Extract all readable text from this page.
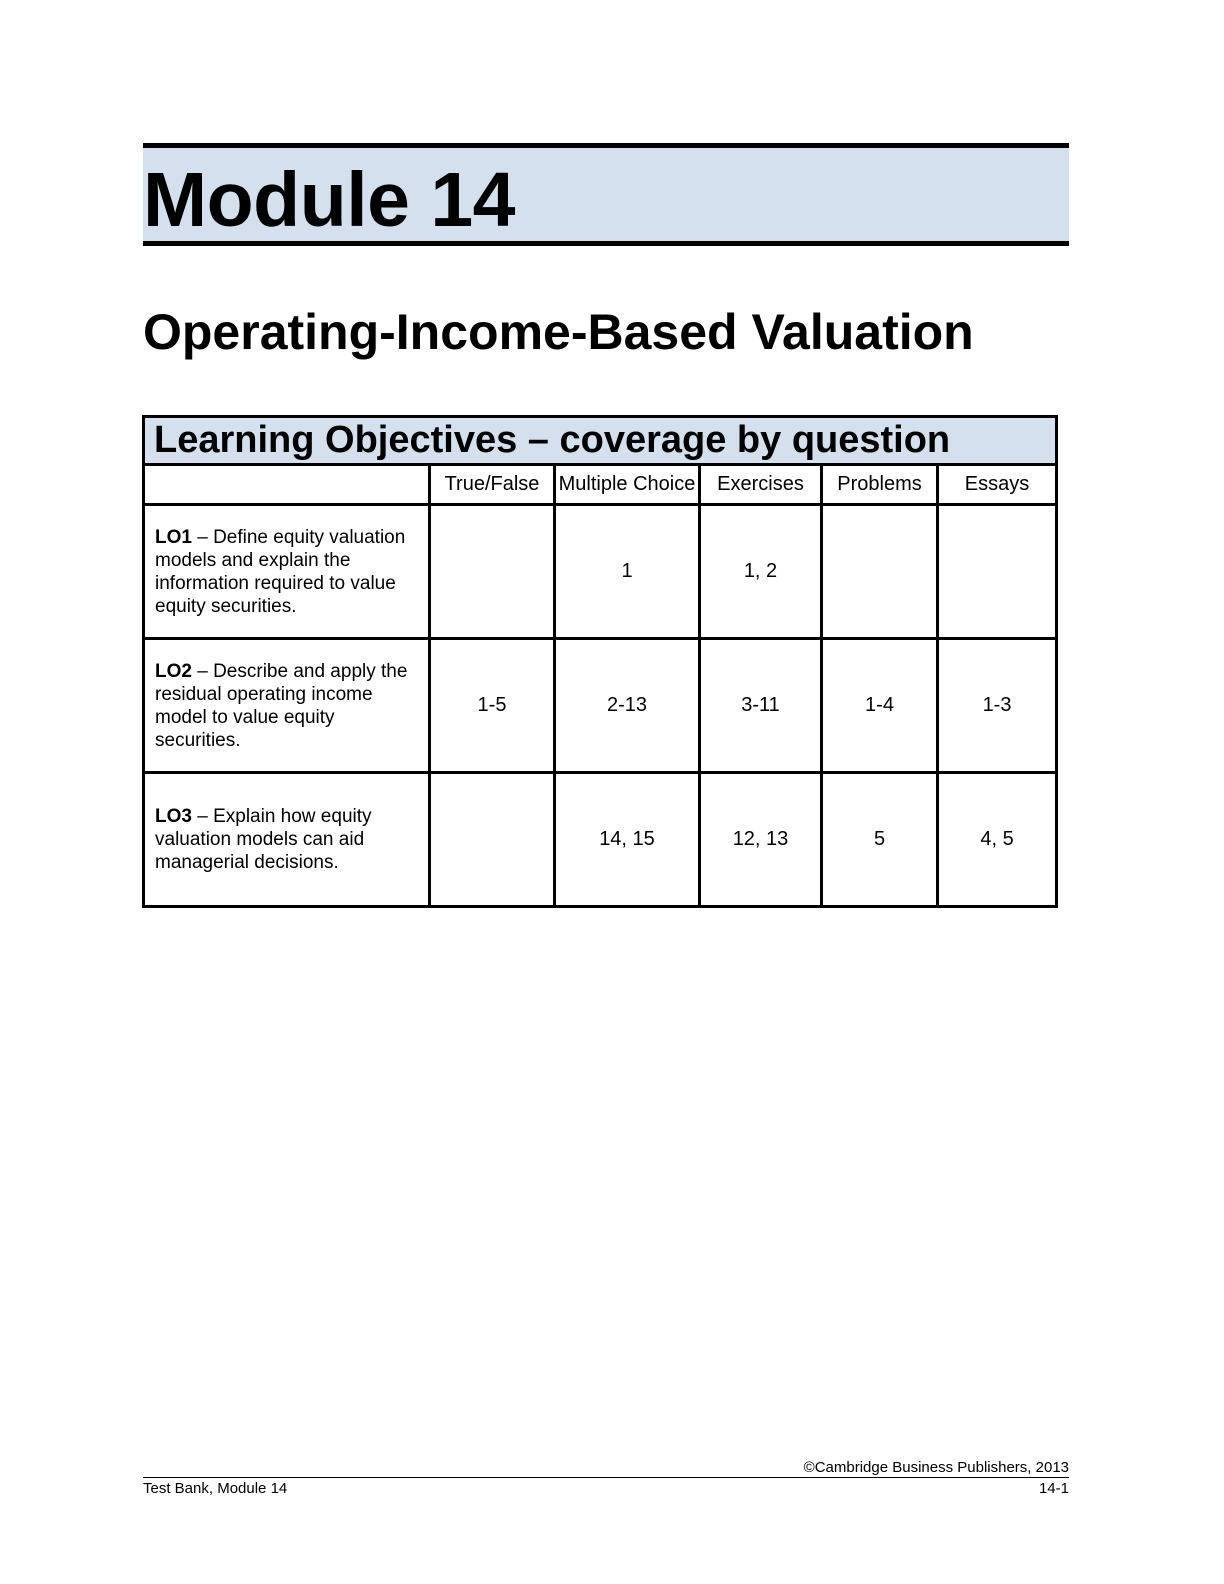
Module 14
Operating-Income-Based Valuation
Learning Objectives – coverage by question					
	True/False	Multiple Choice	Exercises	Problems	Essays
LO1 – Define equity valuation models and explain the information required to value equity securities.		1	1, 2		
LO2 – Describe and apply the residual operating income model to value equity securities.	1-5	2-13	3-11	1-4	1-3
LO3 – Explain how equity valuation models can aid managerial decisions.		14, 15	12, 13	5	4, 5
©Cambridge Business Publishers, 2013
Test Bank, Module 14	14-1
